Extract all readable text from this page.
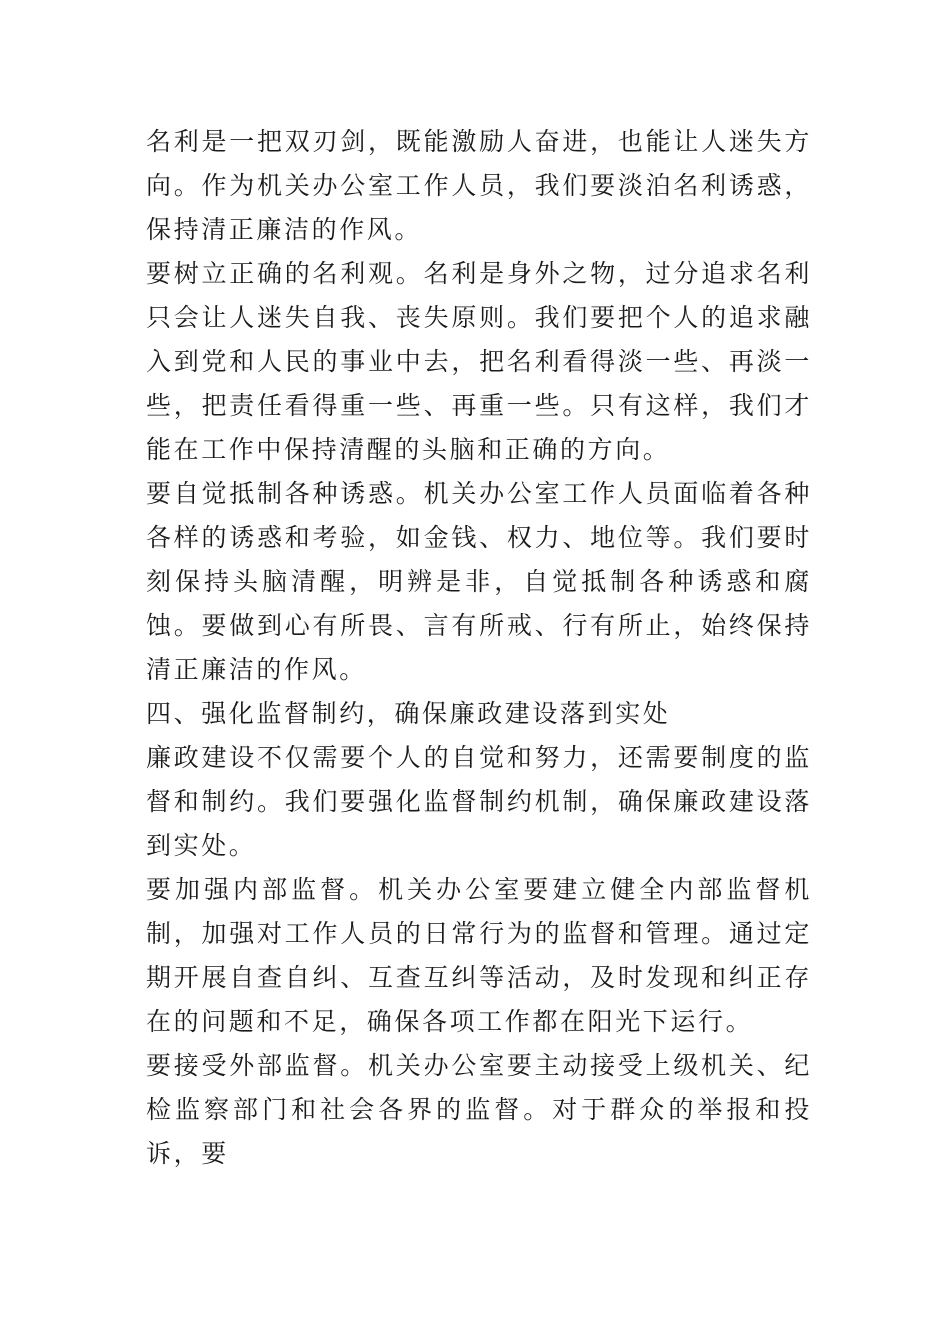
名利是一把双刃剑，既能激励人奋进，也能让人迷失方向。作为机关办公室工作人员，我们要淡泊名利诱惑，保持清正廉洁的作风。

要树立正确的名利观。名利是身外之物，过分追求名利只会让人迷失自我、丧失原则。我们要把个人的追求融入到党和人民的事业中去，把名利看得淡一些、再淡一些，把责任看得重一些、再重一些。只有这样，我们才能在工作中保持清醒的头脑和正确的方向。

要自觉抵制各种诱惑。机关办公室工作人员面临着各种各样的诱惑和考验，如金钱、权力、地位等。我们要时刻保持头脑清醒，明辨是非，自觉抵制各种诱惑和腐蚀。要做到心有所畏、言有所戒、行有所止，始终保持清正廉洁的作风。

四、强化监督制约，确保廉政建设落到实处

廉政建设不仅需要个人的自觉和努力，还需要制度的监督和制约。我们要强化监督制约机制，确保廉政建设落到实处。

要加强内部监督。机关办公室要建立健全内部监督机制，加强对工作人员的日常行为的监督和管理。通过定期开展自查自纠、互查互纠等活动，及时发现和纠正存在的问题和不足，确保各项工作都在阳光下运行。

要接受外部监督。机关办公室要主动接受上级机关、纪检监察部门和社会各界的监督。对于群众的举报和投诉，要
